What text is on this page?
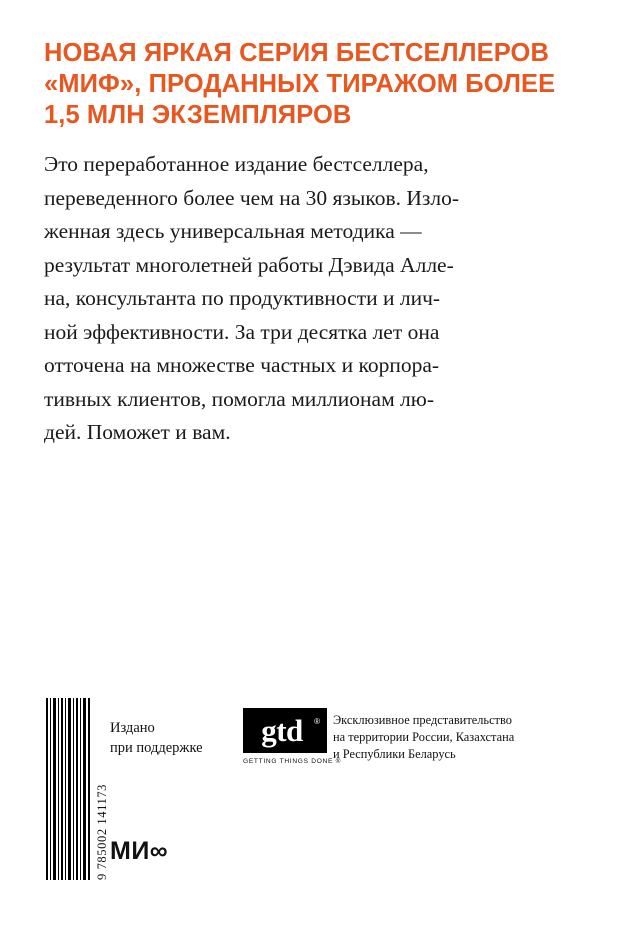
НОВАЯ ЯРКАЯ СЕРИЯ БЕСТСЕЛЛЕРОВ
«МИФ», ПРОДАННЫХ ТИРАЖОМ БОЛЕЕ
1,5 МЛН ЭКЗЕМПЛЯРОВ
Это переработанное издание бестселлера,
переведенного более чем на 30 языков. Изло-
женная здесь универсальная методика —
результат многолетней работы Дэвида Алле-
на, консультанта по продуктивности и лич-
ной эффективности. За три десятка лет она
отточена на множестве частных и корпора-
тивных клиентов, помогла миллионам лю-
дей. Поможет и вам.
9 785002 141173
Издано
при поддержке	gtd	®
GETTING THINGS DONE ®
Эксклюзивное представительство
на территории России, Казахстана
и Республики Беларусь
МИ∞
